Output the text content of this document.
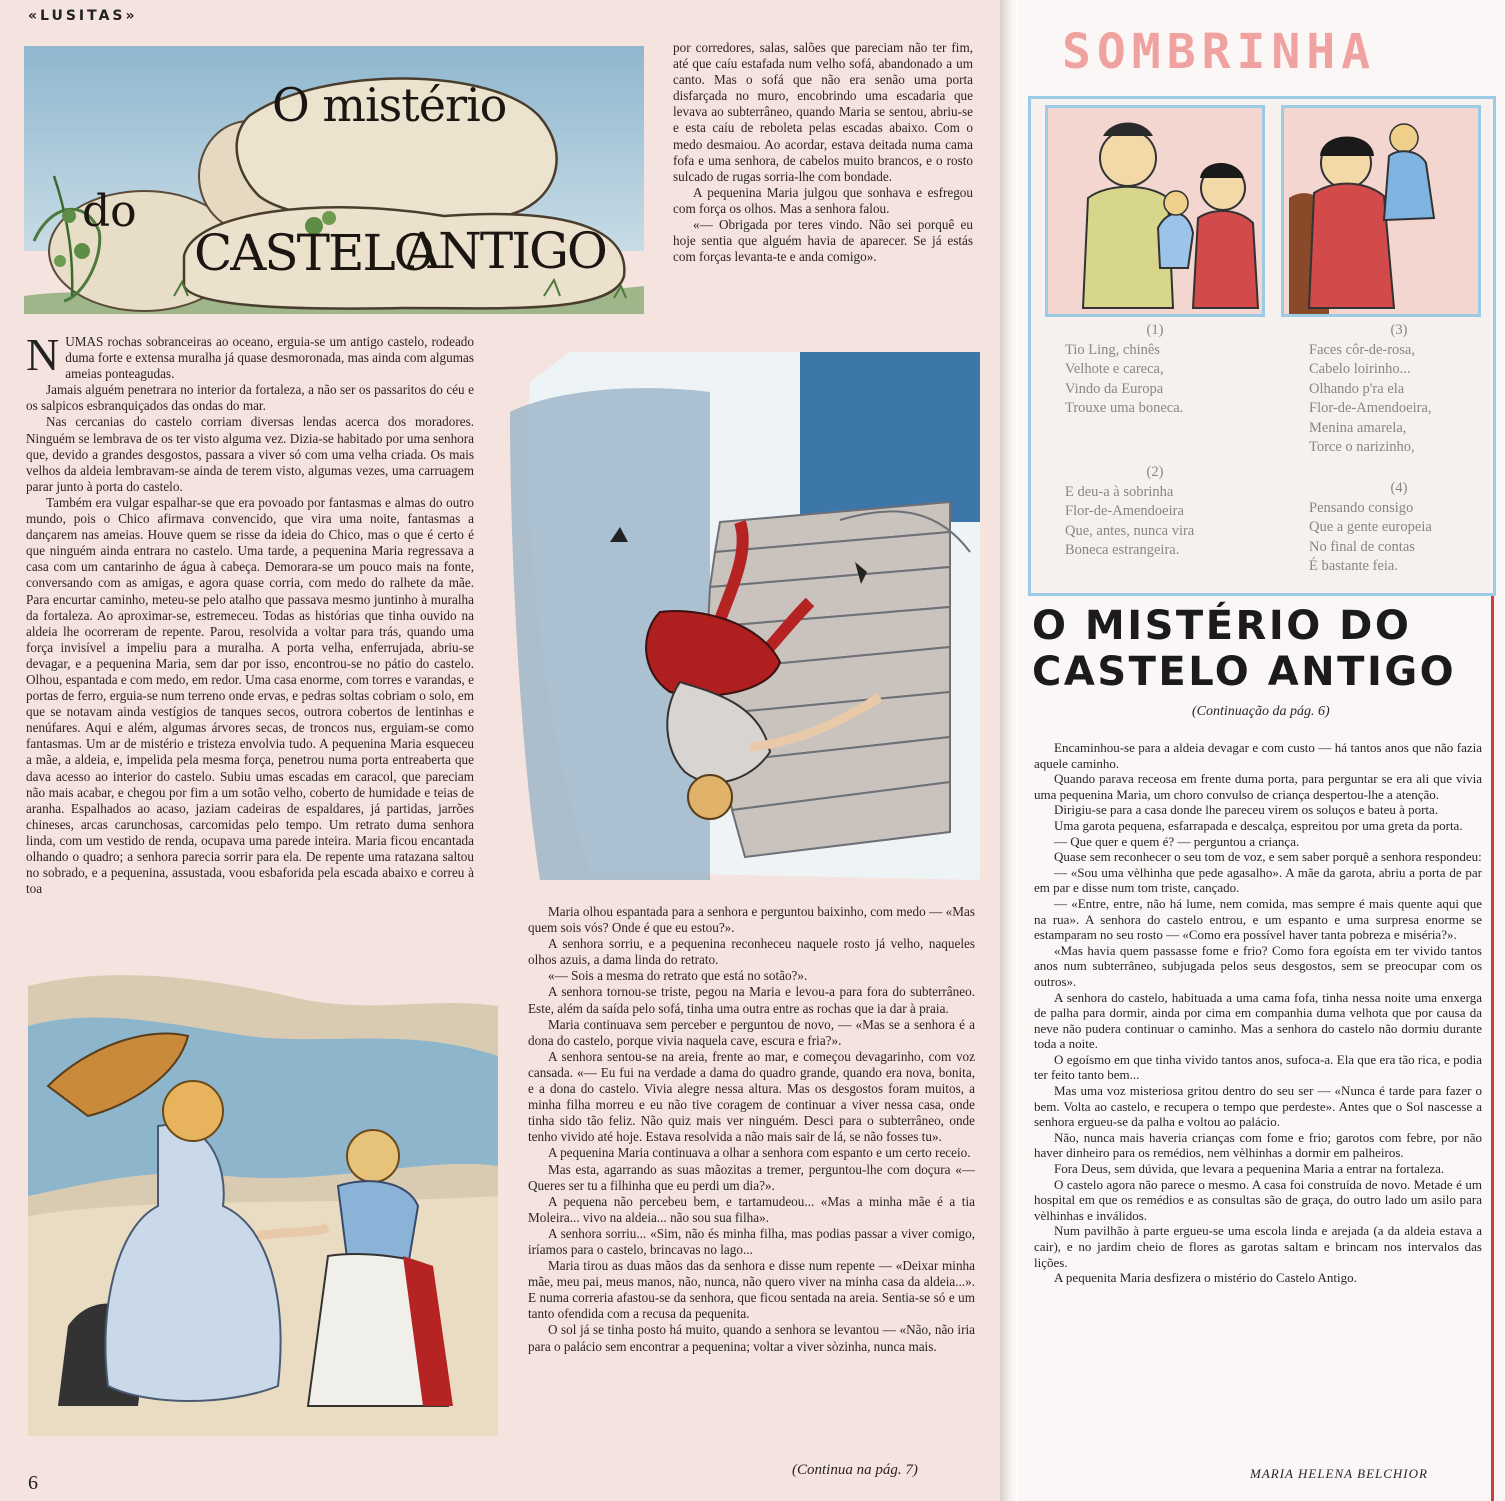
«LUSITAS»
O mistério
do
CASTELO
ANTIGO
N UMAS rochas sobranceiras ao oceano, erguia-se um antigo castelo, rodeado duma forte e extensa muralha já quase desmoronada, mas ainda com algumas ameias ponteagudas.

Jamais alguém penetrara no interior da fortaleza, a não ser os passaritos do céu e os salpicos esbranquiçados das ondas do mar.

Nas cercanias do castelo corriam diversas lendas acerca dos moradores. Ninguém se lembrava de os ter visto alguma vez. Dizia-se habitado por uma senhora que, devido a grandes desgostos, passara a viver só com uma velha criada. Os mais velhos da aldeia lembravam-se ainda de terem visto, algumas vezes, uma carruagem parar junto à porta do castelo.

Também era vulgar espalhar-se que era povoado por fantasmas e almas do outro mundo, pois o Chico afirmava convencido, que vira uma noite, fantasmas a dançarem nas ameias. Houve quem se risse da ideia do Chico, mas o que é certo é que ninguém ainda entrara no castelo. Uma tarde, a pequenina Maria regressava a casa com um cantarinho de água à cabeça. Demorara-se um pouco mais na fonte, conversando com as amigas, e agora quase corria, com medo do ralhete da mãe. Para encurtar caminho, meteu-se pelo atalho que passava mesmo juntinho à muralha da fortaleza. Ao aproximar-se, estremeceu. Todas as histórias que tinha ouvido na aldeia lhe ocorreram de repente. Parou, resolvida a voltar para trás, quando uma força invisível a impeliu para a muralha. A porta velha, enferrujada, abriu-se devagar, e a pequenina Maria, sem dar por isso, encontrou-se no pátio do castelo. Olhou, espantada e com medo, em redor. Uma casa enorme, com torres e varandas, e portas de ferro, erguia-se num terreno onde ervas, e pedras soltas cobriam o solo, em que se notavam ainda vestígios de tanques secos, outrora cobertos de lentinhas e nenúfares. Aqui e além, algumas árvores secas, de troncos nus, erguiam-se como fantasmas. Um ar de mistério e tristeza envolvia tudo. A pequenina Maria esqueceu a mãe, a aldeia, e, impelida pela mesma força, penetrou numa porta entreaberta que dava acesso ao interior do castelo. Subiu umas escadas em caracol, que pareciam não mais acabar, e chegou por fim a um sotão velho, coberto de humidade e teias de aranha. Espalhados ao acaso, jaziam cadeiras de espaldares, já partidas, jarrões chineses, arcas carunchosas, carcomidas pelo tempo. Um retrato duma senhora linda, com um vestido de renda, ocupava uma parede inteira. Maria ficou encantada olhando o quadro; a senhora parecia sorrir para ela. De repente uma ratazana saltou no sobrado, e a pequenina, assustada, voou esbaforida pela escada abaixo e correu à toa

por corredores, salas, salões que pareciam não ter fim, até que caíu estafada num velho sofá, abandonado a um canto. Mas o sofá que não era senão uma porta disfarçada no muro, encobrindo uma escadaria que levava ao subterrâneo, quando Maria se sentou, abriu-se e esta caíu de reboleta pelas escadas abaixo. Com o medo desmaiou. Ao acordar, estava deitada numa cama fofa e uma senhora, de cabelos muito brancos, e o rosto sulcado de rugas sorria-lhe com bondade.

A pequenina Maria julgou que sonhava e esfregou com força os olhos. Mas a senhora falou.

«— Obrigada por teres vindo. Não sei porquê eu hoje sentia que alguém havia de aparecer. Se já estás com forças levanta-te e anda comigo».

Maria olhou espantada para a senhora e perguntou baixinho, com medo — «Mas quem sois vós? Onde é que eu estou?».

A senhora sorriu, e a pequenina reconheceu naquele rosto já velho, naqueles olhos azuis, a dama linda do retrato.

«— Sois a mesma do retrato que está no sotão?».

A senhora tornou-se triste, pegou na Maria e levou-a para fora do subterrâneo. Este, além da saída pelo sofá, tinha uma outra entre as rochas que ia dar à praia.

Maria continuava sem perceber e perguntou de novo, — «Mas se a senhora é a dona do castelo, porque vivia naquela cave, escura e fria?».

A senhora sentou-se na areia, frente ao mar, e começou devagarinho, com voz cansada. «— Eu fui na verdade a dama do quadro grande, quando era nova, bonita, e a dona do castelo. Vivia alegre nessa altura. Mas os desgostos foram muitos, a minha filha morreu e eu não tive coragem de continuar a viver nessa casa, onde tinha sido tão feliz. Não quiz mais ver ninguém. Desci para o subterrâneo, onde tenho vivido até hoje. Estava resolvida a não mais sair de lá, se não fosses tu».

A pequenina Maria continuava a olhar a senhora com espanto e um certo receio.

Mas esta, agarrando as suas mãozitas a tremer, perguntou-lhe com doçura «— Queres ser tu a filhinha que eu perdi um dia?».

A pequena não percebeu bem, e tartamudeou... «Mas a minha mãe é a tia Moleira... vivo na aldeia... não sou sua filha».

A senhora sorriu... «Sim, não és minha filha, mas podias passar a viver comigo, iríamos para o castelo, brincavas no lago...

Maria tirou as duas mãos das da senhora e disse num repente — «Deixar minha mãe, meu pai, meus manos, não, nunca, não quero viver na minha casa da aldeia...». E numa correria afastou-se da senhora, que ficou sentada na areia. Sentia-se só e um tanto ofendida com a recusa da pequenita.

O sol já se tinha posto há muito, quando a senhora se levantou — «Não, não iria para o palácio sem encontrar a pequenina; voltar a viver sòzinha, nunca mais.

(Continua na pág. 7)
6
SOMBRINHA
(1)
Tio Ling, chinês
Velhote e careca,
Vindo da Europa
Trouxe uma boneca.
(2)
E deu-a à sobrinha
Flor-de-Amendoeira
Que, antes, nunca vira
Boneca estrangeira.
(3)
Faces côr-de-rosa,
Cabelo loirinho...
Olhando p'ra ela
Flor-de-Amendoeira,
Menina amarela,
Torce o narizinho,
(4)
Pensando consigo
Que a gente europeia
No final de contas
É bastante feia.
O MISTÉRIO DO
CASTELO ANTIGO
(Continuação da pág. 6)

Encaminhou-se para a aldeia devagar e com custo — há tantos anos que não fazia aquele caminho.

Quando parava receosa em frente duma porta, para perguntar se era ali que vivia uma pequenina Maria, um choro convulso de criança despertou-lhe a atenção.

Dirigiu-se para a casa donde lhe pareceu virem os soluços e bateu à porta.

Uma garota pequena, esfarrapada e descalça, espreitou por uma greta da porta.

— Que quer e quem é? — perguntou a criança.

Quase sem reconhecer o seu tom de voz, e sem saber porquê a senhora respondeu:

— «Sou uma vèlhinha que pede agasalho». A mãe da garota, abriu a porta de par em par e disse num tom triste, cançado.

— «Entre, entre, não há lume, nem comida, mas sempre é mais quente aqui que na rua». A senhora do castelo entrou, e um espanto e uma surpresa enorme se estamparam no seu rosto — «Como era possível haver tanta pobreza e miséria?».

«Mas havia quem passasse fome e frio? Como fora egoísta em ter vivido tantos anos num subterrâneo, subjugada pelos seus desgostos, sem se preocupar com os outros».

A senhora do castelo, habituada a uma cama fofa, tinha nessa noite uma enxerga de palha para dormir, ainda por cima em companhia duma velhota que por causa da neve não pudera continuar o caminho. Mas a senhora do castelo não dormiu durante toda a noite.

O egoísmo em que tinha vivido tantos anos, sufoca-a. Ela que era tão rica, e podia ter feito tanto bem...

Mas uma voz misteriosa gritou dentro do seu ser — «Nunca é tarde para fazer o bem. Volta ao castelo, e recupera o tempo que perdeste». Antes que o Sol nascesse a senhora ergueu-se da palha e voltou ao palácio.

Não, nunca mais haveria crianças com fome e frio; garotos com febre, por não haver dinheiro para os remédios, nem vèlhinhas a dormir em palheiros.

Fora Deus, sem dúvida, que levara a pequenina Maria a entrar na fortaleza.

O castelo agora não parece o mesmo. A casa foi construída de novo. Metade é um hospital em que os remédios e as consultas são de graça, do outro lado um asilo para vèlhinhas e inválidos.

Num pavilhão à parte ergueu-se uma escola linda e arejada (a da aldeia estava a cair), e no jardim cheio de flores as garotas saltam e brincam nos intervalos das lições.

A pequenita Maria desfizera o mistério do Castelo Antigo.

MARIA HELENA BELCHIOR
